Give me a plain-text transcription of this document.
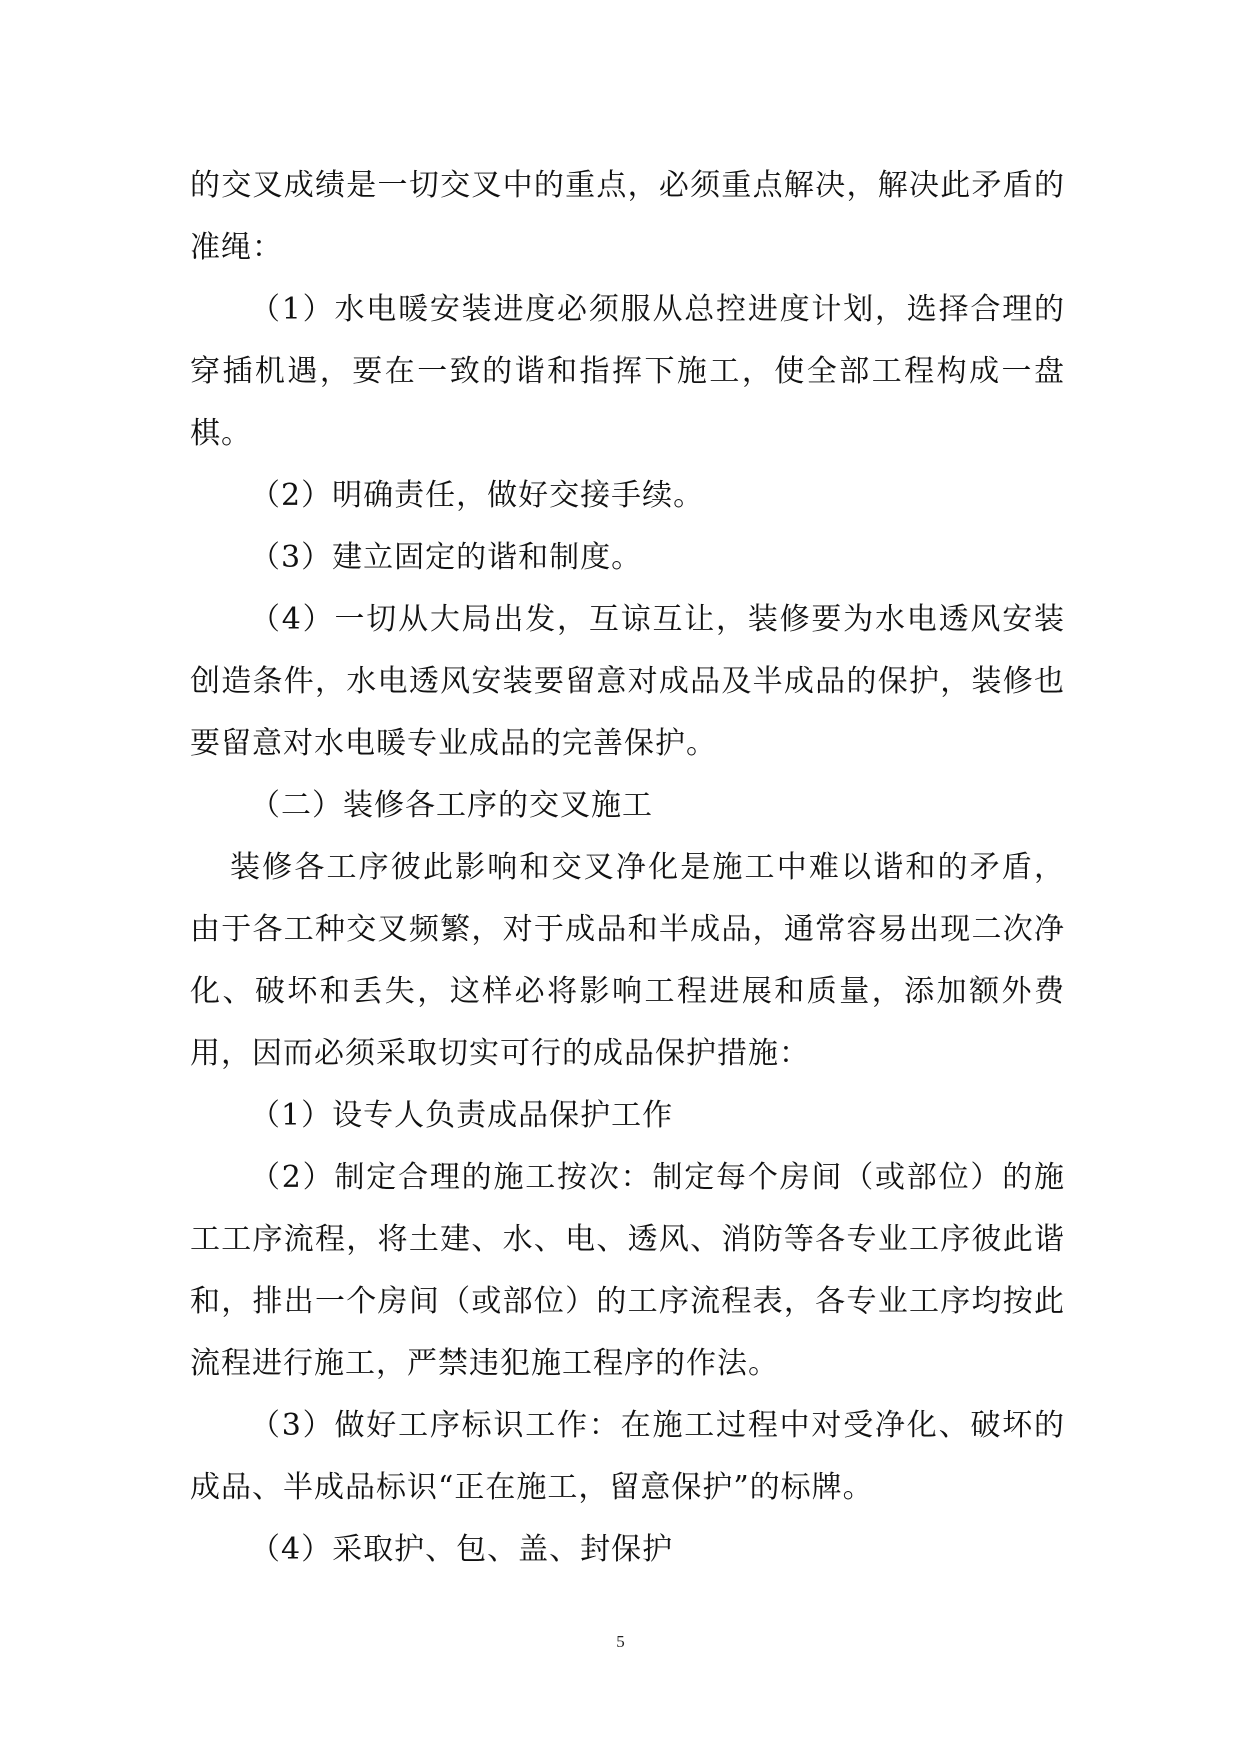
的交叉成绩是一切交叉中的重点，必须重点解决，解决此矛盾的准绳：

（1）水电暖安装进度必须服从总控进度计划，选择合理的穿插机遇，要在一致的谐和指挥下施工，使全部工程构成一盘棋。

（2）明确责任，做好交接手续。

（3）建立固定的谐和制度。

（4）一切从大局出发，互谅互让，装修要为水电透风安装创造条件，水电透风安装要留意对成品及半成品的保护，装修也要留意对水电暖专业成品的完善保护。

（二）装修各工序的交叉施工

装修各工序彼此影响和交叉净化是施工中难以谐和的矛盾，由于各工种交叉频繁，对于成品和半成品，通常容易出现二次净化、破坏和丢失，这样必将影响工程进展和质量，添加额外费用，因而必须采取切实可行的成品保护措施：

（1）设专人负责成品保护工作

（2）制定合理的施工按次：制定每个房间（或部位）的施工工序流程，将土建、水、电、透风、消防等各专业工序彼此谐和，排出一个房间（或部位）的工序流程表，各专业工序均按此流程进行施工，严禁违犯施工程序的作法。

（3）做好工序标识工作：在施工过程中对受净化、破坏的成品、半成品标识“正在施工，留意保护”的标牌。

（4）采取护、包、盖、封保护

5
